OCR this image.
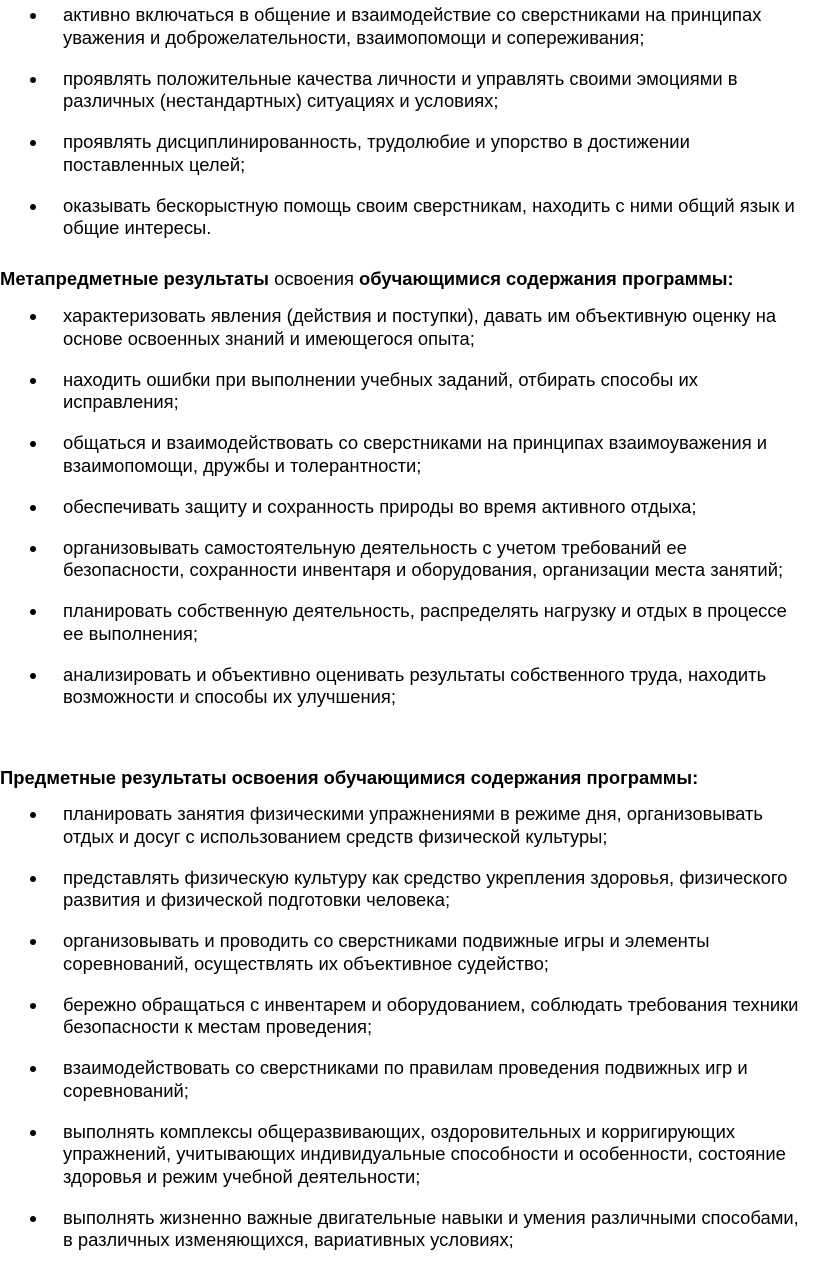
активно включаться в общение и взаимодействие со сверстниками на принципах уважения и доброжелательности, взаимопомощи и сопереживания;
проявлять положительные качества личности и управлять своими эмоциями в различных (нестандартных) ситуациях и условиях;
проявлять дисциплинированность, трудолюбие и упорство в достижении поставленных целей;
оказывать бескорыстную помощь своим сверстникам, находить с ними общий язык и общие интересы.

Метапредметные результаты освоения обучающимися содержания программы:

характеризовать явления (действия и поступки), давать им объективную оценку на основе освоенных знаний и имеющегося опыта;
находить ошибки при выполнении учебных заданий, отбирать способы их исправления;
общаться и взаимодействовать со сверстниками на принципах взаимоуважения и взаимопомощи, дружбы и толерантности;
обеспечивать защиту и сохранность природы во время активного отдыха;
организовывать самостоятельную деятельность с учетом требований ее безопасности, сохранности инвентаря и оборудования, организации места занятий;
планировать собственную деятельность, распределять нагрузку и отдых в процессе ее выполнения;
анализировать и объективно оценивать результаты собственного труда, находить возможности и способы их улучшения;

Предметные результаты освоения обучающимися содержания программы:

планировать занятия физическими упражнениями в режиме дня, организовывать отдых и досуг с использованием средств физической культуры;
представлять физическую культуру как средство укрепления здоровья, физического развития и физической подготовки человека;
организовывать и проводить со сверстниками подвижные игры и элементы соревнований, осуществлять их объективное судейство;
бережно обращаться с инвентарем и оборудованием, соблюдать требования техники безопасности к местам проведения;
взаимодействовать со сверстниками по правилам проведения подвижных игр и соревнований;
выполнять комплексы общеразвивающих, оздоровительных и корригирующих упражнений, учитывающих индивидуальные способности и особенности, состояние здоровья и режим учебной деятельности;
выполнять жизненно важные двигательные навыки и умения различными способами, в различных изменяющихся, вариативных условиях;
